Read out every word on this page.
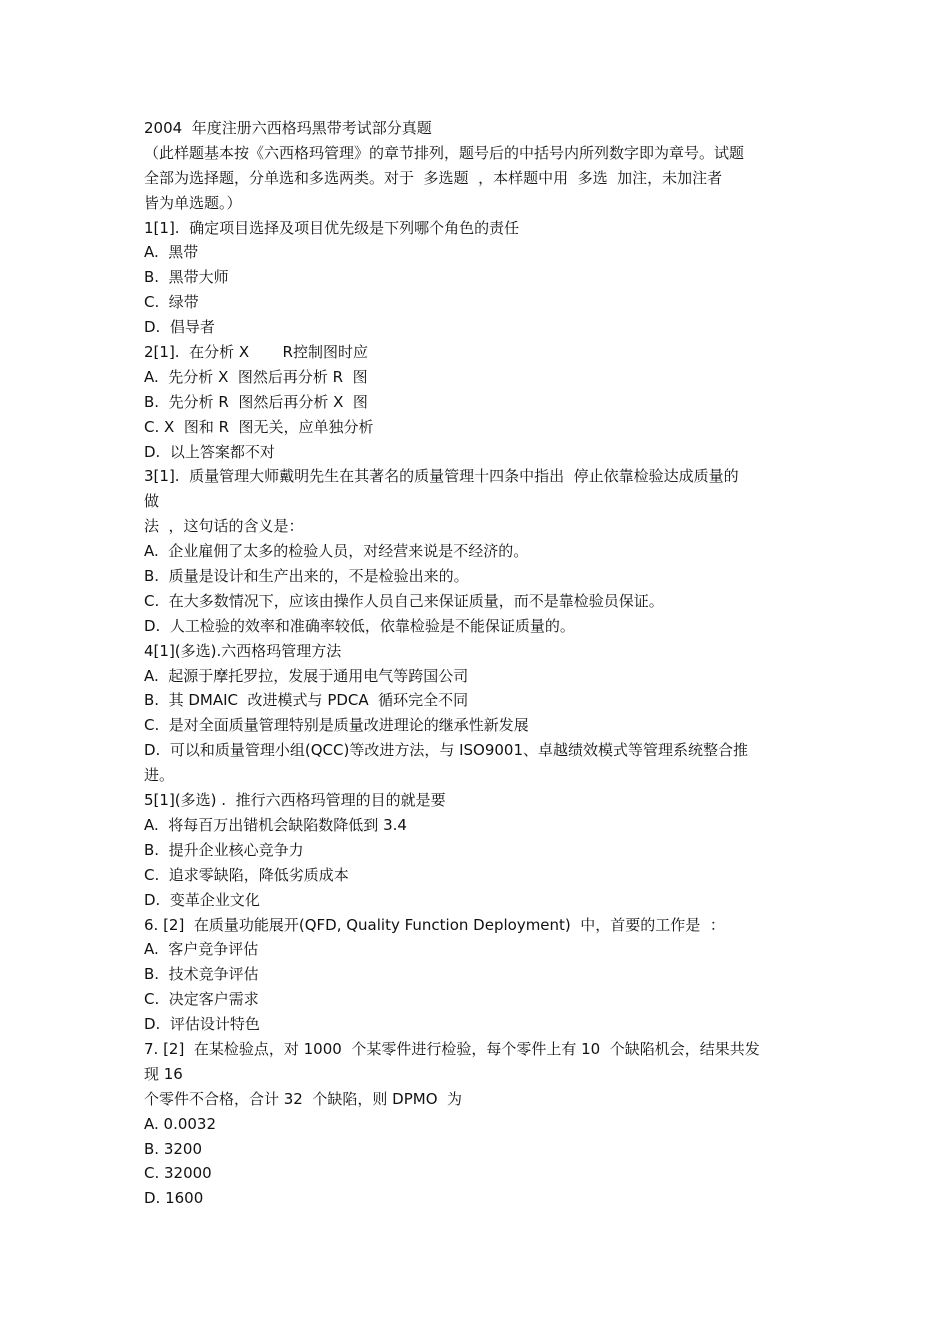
2004  年度注册六西格玛黑带考试部分真题
（此样题基本按《六西格玛管理》的章节排列，题号后的中括号内所列数字即为章号。试题
全部为选择题，分单选和多选两类。对于  多选题  ，本样题中用  多选  加注，未加注者
皆为单选题。）
1[1].  确定项目选择及项目优先级是下列哪个角色的责任
A.  黑带
B.  黑带大师
C.  绿带
D.  倡导者
2[1].  在分析 X       R控制图时应
A.  先分析 X  图然后再分析 R  图
B.  先分析 R  图然后再分析 X  图
C. X  图和 R  图无关，应单独分析
D.  以上答案都不对
3[1].  质量管理大师戴明先生在其著名的质量管理十四条中指出  停止依靠检验达成质量的
做
法  ，这句话的含义是：
A.  企业雇佣了太多的检验人员，对经营来说是不经济的。
B.  质量是设计和生产出来的，不是检验出来的。
C.  在大多数情况下，应该由操作人员自己来保证质量，而不是靠检验员保证。
D.  人工检验的效率和准确率较低，依靠检验是不能保证质量的。
4[1](多选).六西格玛管理方法
A.  起源于摩托罗拉，发展于通用电气等跨国公司
B.  其 DMAIC  改进模式与 PDCA  循环完全不同
C.  是对全面质量管理特别是质量改进理论的继承性新发展
D.  可以和质量管理小组(QCC)等改进方法，与 ISO9001、卓越绩效模式等管理系统整合推
进。
5[1](多选) .  推行六西格玛管理的目的就是要
A.  将每百万出错机会缺陷数降低到 3.4
B.  提升企业核心竞争力
C.  追求零缺陷，降低劣质成本
D.  变革企业文化
6. [2]  在质量功能展开(QFD, Quality Function Deployment)  中，首要的工作是  ：
A.  客户竞争评估
B.  技术竞争评估
C.  决定客户需求
D.  评估设计特色
7. [2]  在某检验点，对 1000  个某零件进行检验，每个零件上有 10  个缺陷机会，结果共发
现 16
个零件不合格，合计 32  个缺陷，则 DPMO  为
A. 0.0032
B. 3200
C. 32000
D. 1600
